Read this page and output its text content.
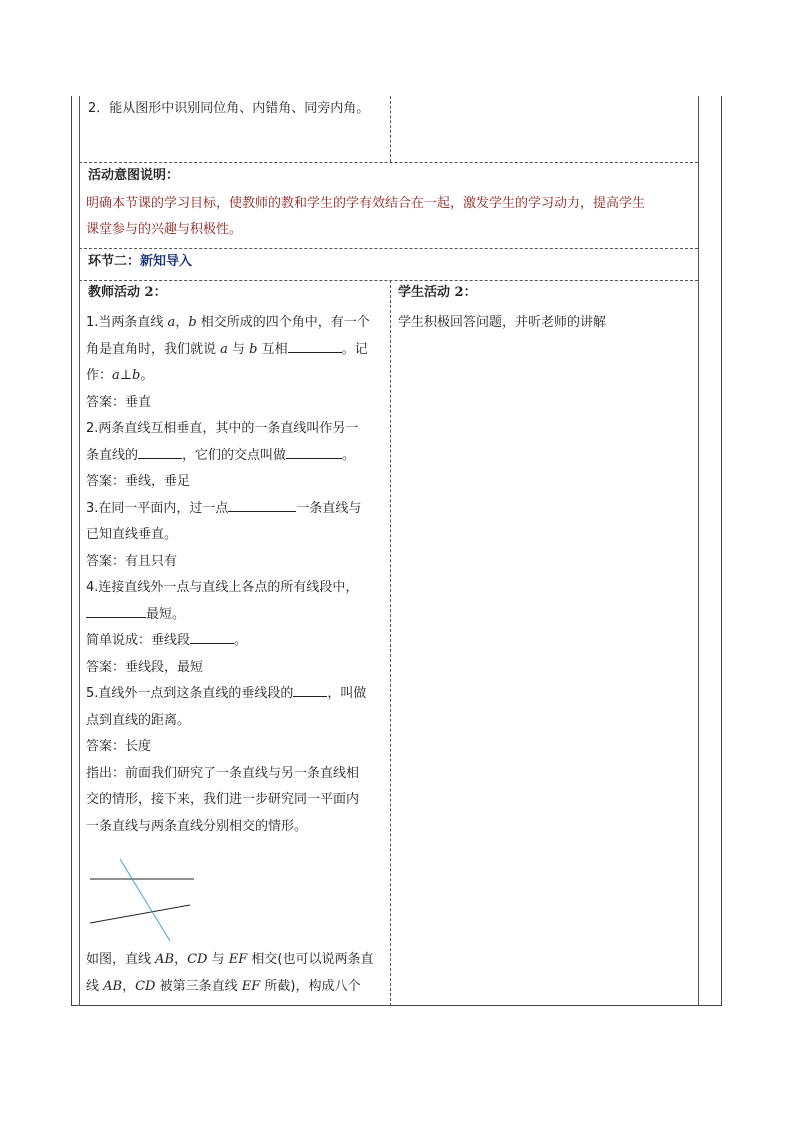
2．能从图形中识别同位角、内错角、同旁内角。
活动意图说明：
明确本节课的学习目标，使教师的教和学生的学有效结合在一起，激发学生的学习动力，提高学生
课堂参与的兴趣与积极性。
环节二：新知导入
学生活动 2：
学生积极回答问题，并听老师的讲解
教师活动 2：

1.当两条直线 a，b 相交所成的四个角中，有一个

角是直角时，我们就说 a 与 b 互相	。记

作：a⊥b。

答案：垂直

2.两条直线互相垂直，其中的一条直线叫作另一

条直线的	，它们的交点叫做	。

答案：垂线，垂足

3.在同一平面内，过一点	一条直线与

已知直线垂直。

答案：有且只有

4.连接直线外一点与直线上各点的所有线段中，

最短。

简单说成：垂线段	。

答案：垂线段，最短

5.直线外一点到这条直线的垂线段的	，叫做

点到直线的距离。

答案：长度

指出：前面我们研究了一条直线与另一条直线相

交的情形，接下来，我们进一步研究同一平面内

一条直线与两条直线分别相交的情形。

如图，直线 AB，CD 与 EF 相交(也可以说两条直

线 AB，CD 被第三条直线 EF 所截)，构成八个
